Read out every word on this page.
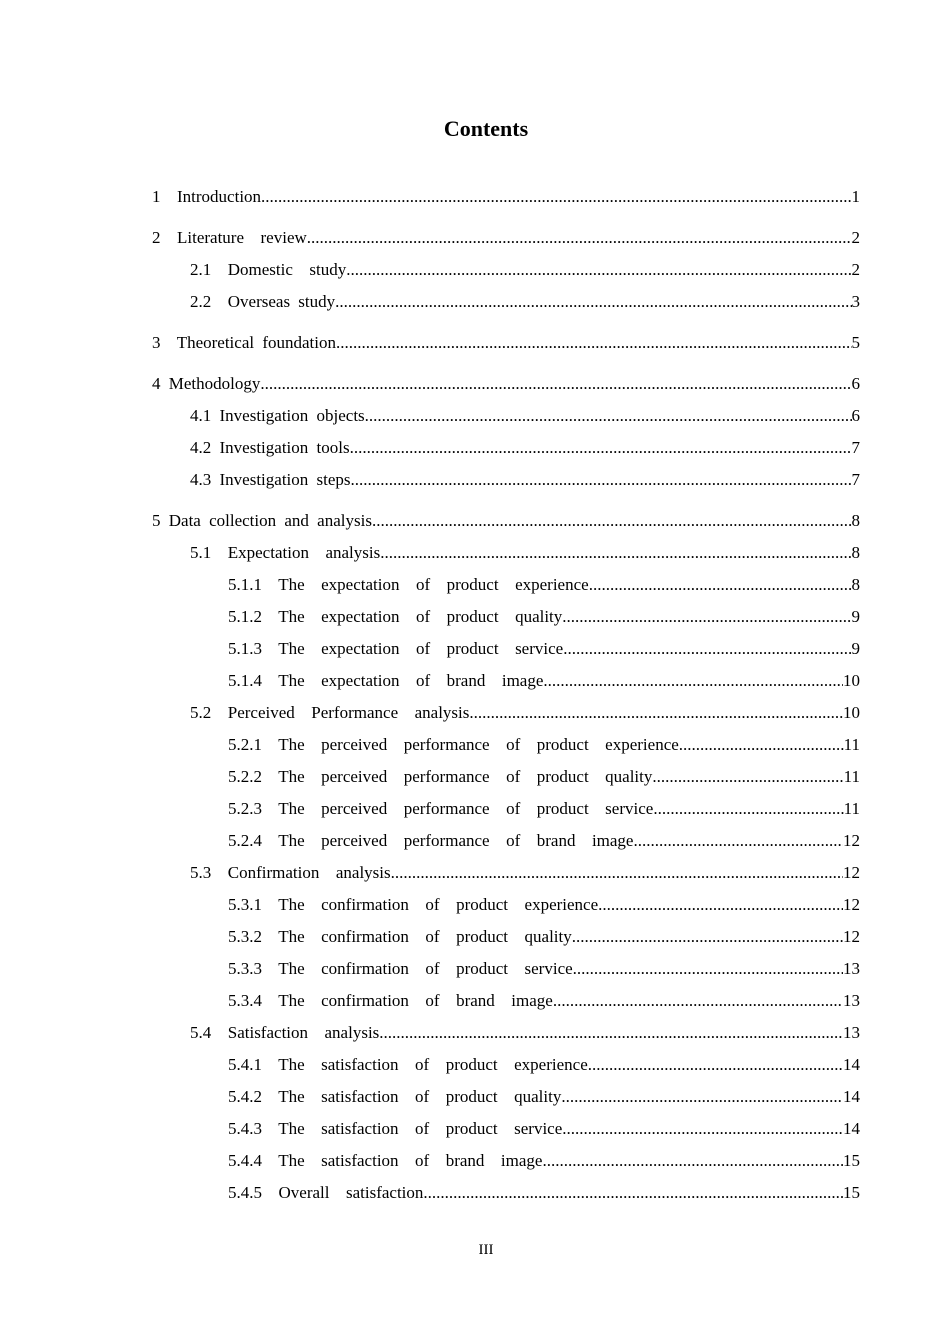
Contents
1  Introduction .....	1
2  Literature  review .....	2
2.1  Domestic  study .....	2
2.2  Overseas study .....	3
3  Theoretical foundation .....	5
4 Methodology .....	6
4.1 Investigation objects .....	6
4.2 Investigation tools .....	7
4.3 Investigation steps .....	7
5 Data collection and analysis .....	8
5.1  Expectation  analysis .....	8
5.1.1  The  expectation  of  product  experience .....	8
5.1.2  The  expectation  of  product  quality .....	9
5.1.3  The  expectation  of  product  service .....	9
5.1.4  The  expectation  of  brand  image .....	10
5.2  Perceived  Performance  analysis .....	10
5.2.1  The  perceived  performance  of  product  experience .....	11
5.2.2  The  perceived  performance  of  product  quality .....	11
5.2.3  The  perceived  performance  of  product  service .....	11
5.2.4  The  perceived  performance  of  brand  image .....	12
5.3  Confirmation  analysis .....	12
5.3.1  The  confirmation  of  product  experience .....	12
5.3.2  The  confirmation  of  product  quality .....	12
5.3.3  The  confirmation  of  product  service .....	13
5.3.4  The  confirmation  of  brand  image .....	13
5.4  Satisfaction  analysis .....	13
5.4.1  The  satisfaction  of  product  experience .....	14
5.4.2  The  satisfaction  of  product  quality .....	14
5.4.3  The  satisfaction  of  product  service .....	14
5.4.4  The  satisfaction  of  brand  image .....	15
5.4.5  Overall  satisfaction .....	15
III
